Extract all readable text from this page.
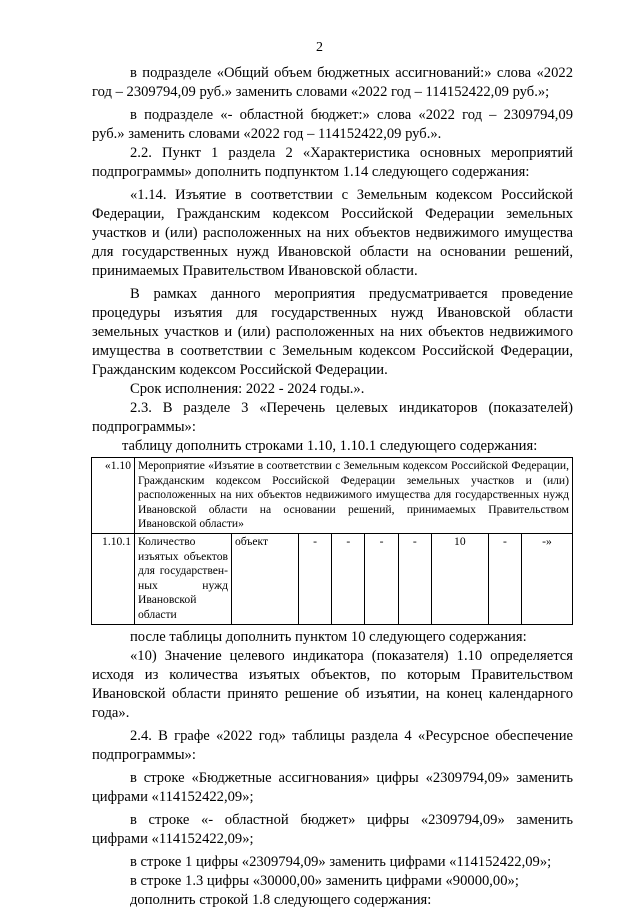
2

в подразделе «Общий объем бюджетных ассигнований:» слова «2022 год – 2309794,09 руб.» заменить словами «2022 год – 114152422,09 руб.»;

в подразделе «- областной бюджет:» слова «2022 год – 2309794,09 руб.» заменить словами «2022 год – 114152422,09 руб.».

2.2. Пункт 1 раздела 2 «Характеристика основных мероприятий подпрограммы» дополнить подпунктом 1.14 следующего содержания:

«1.14. Изъятие в соответствии с Земельным кодексом Российской Федерации, Гражданским кодексом Российской Федерации земельных участков и (или) расположенных на них объектов недвижимого имущества для государственных нужд Ивановской области на основании решений, принимаемых Правительством Ивановской области.

В рамках данного мероприятия предусматривается проведение процедуры изъятия для государственных нужд Ивановской области земельных участков и (или) расположенных на них объектов недвижимого имущества в соответствии с Земельным кодексом Российской Федерации, Гражданским кодексом Российской Федерации.

Срок исполнения: 2022 - 2024 годы.».

2.3. В разделе 3 «Перечень целевых индикаторов (показателей) подпрограммы»:

таблицу дополнить строками 1.10, 1.10.1 следующего содержания:

«1.10	Мероприятие «Изъятие в соответствии с Земельным кодексом Российской Федерации, Гражданским кодексом Российской Федерации земельных участков и (или) расположенных на них объектов недвижимого имущества для государственных нужд Ивановской области на основании решений, принимаемых Правительством Ивановской области»								
1.10.1	Количество изъятых объектов для государствен-ных нужд Ивановской области	объект	-	-	-	-	10	-	-»

после таблицы дополнить пунктом 10 следующего содержания:

«10) Значение целевого индикатора (показателя) 1.10 определяется исходя из количества изъятых объектов, по которым Правительством Ивановской области принято решение об изъятии, на конец календарного года».

2.4. В графе «2022 год» таблицы раздела 4 «Ресурсное обеспечение подпрограммы»:

в строке «Бюджетные ассигнования» цифры «2309794,09» заменить цифрами «114152422,09»;

в строке «- областной бюджет» цифры «2309794,09» заменить цифрами «114152422,09»;

в строке 1 цифры «2309794,09» заменить цифрами «114152422,09»;

в строке 1.3 цифры «30000,00» заменить цифрами «90000,00»;

дополнить строкой 1.8 следующего содержания:
